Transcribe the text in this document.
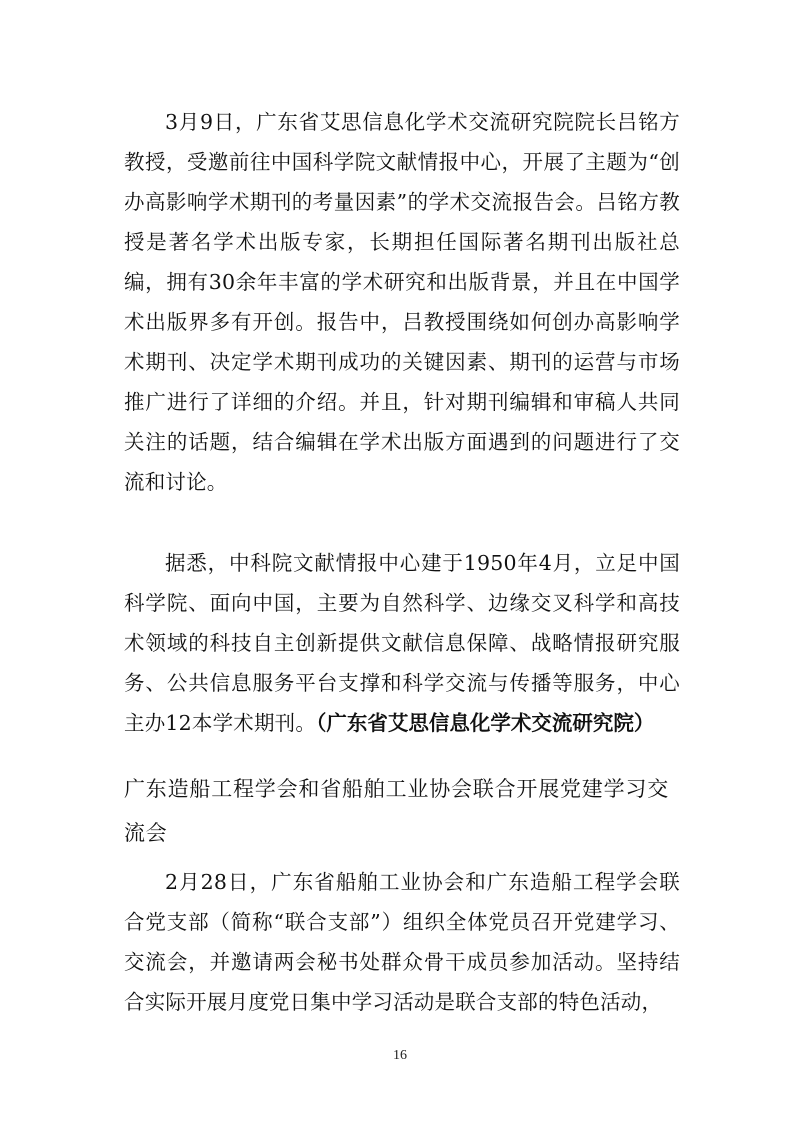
3月9日，广东省艾思信息化学术交流研究院院长吕铭方教授，受邀前往中国科学院文献情报中心，开展了主题为“创办高影响学术期刊的考量因素”的学术交流报告会。吕铭方教授是著名学术出版专家，长期担任国际著名期刊出版社总编，拥有30余年丰富的学术研究和出版背景，并且在中国学术出版界多有开创。报告中，吕教授围绕如何创办高影响学术期刊、决定学术期刊成功的关键因素、期刊的运营与市场推广进行了详细的介绍。并且，针对期刊编辑和审稿人共同关注的话题，结合编辑在学术出版方面遇到的问题进行了交流和讨论。

据悉，中科院文献情报中心建于1950年4月，立足中国科学院、面向中国，主要为自然科学、边缘交叉科学和高技术领域的科技自主创新提供文献信息保障、战略情报研究服务、公共信息服务平台支撑和科学交流与传播等服务，中心主办12本学术期刊。（广东省艾思信息化学术交流研究院）

广东造船工程学会和省船舶工业协会联合开展党建学习交流会

2月28日，广东省船舶工业协会和广东造船工程学会联合党支部（简称“联合支部”）组织全体党员召开党建学习、交流会，并邀请两会秘书处群众骨干成员参加活动。坚持结合实际开展月度党日集中学习活动是联合支部的特色活动，

16
